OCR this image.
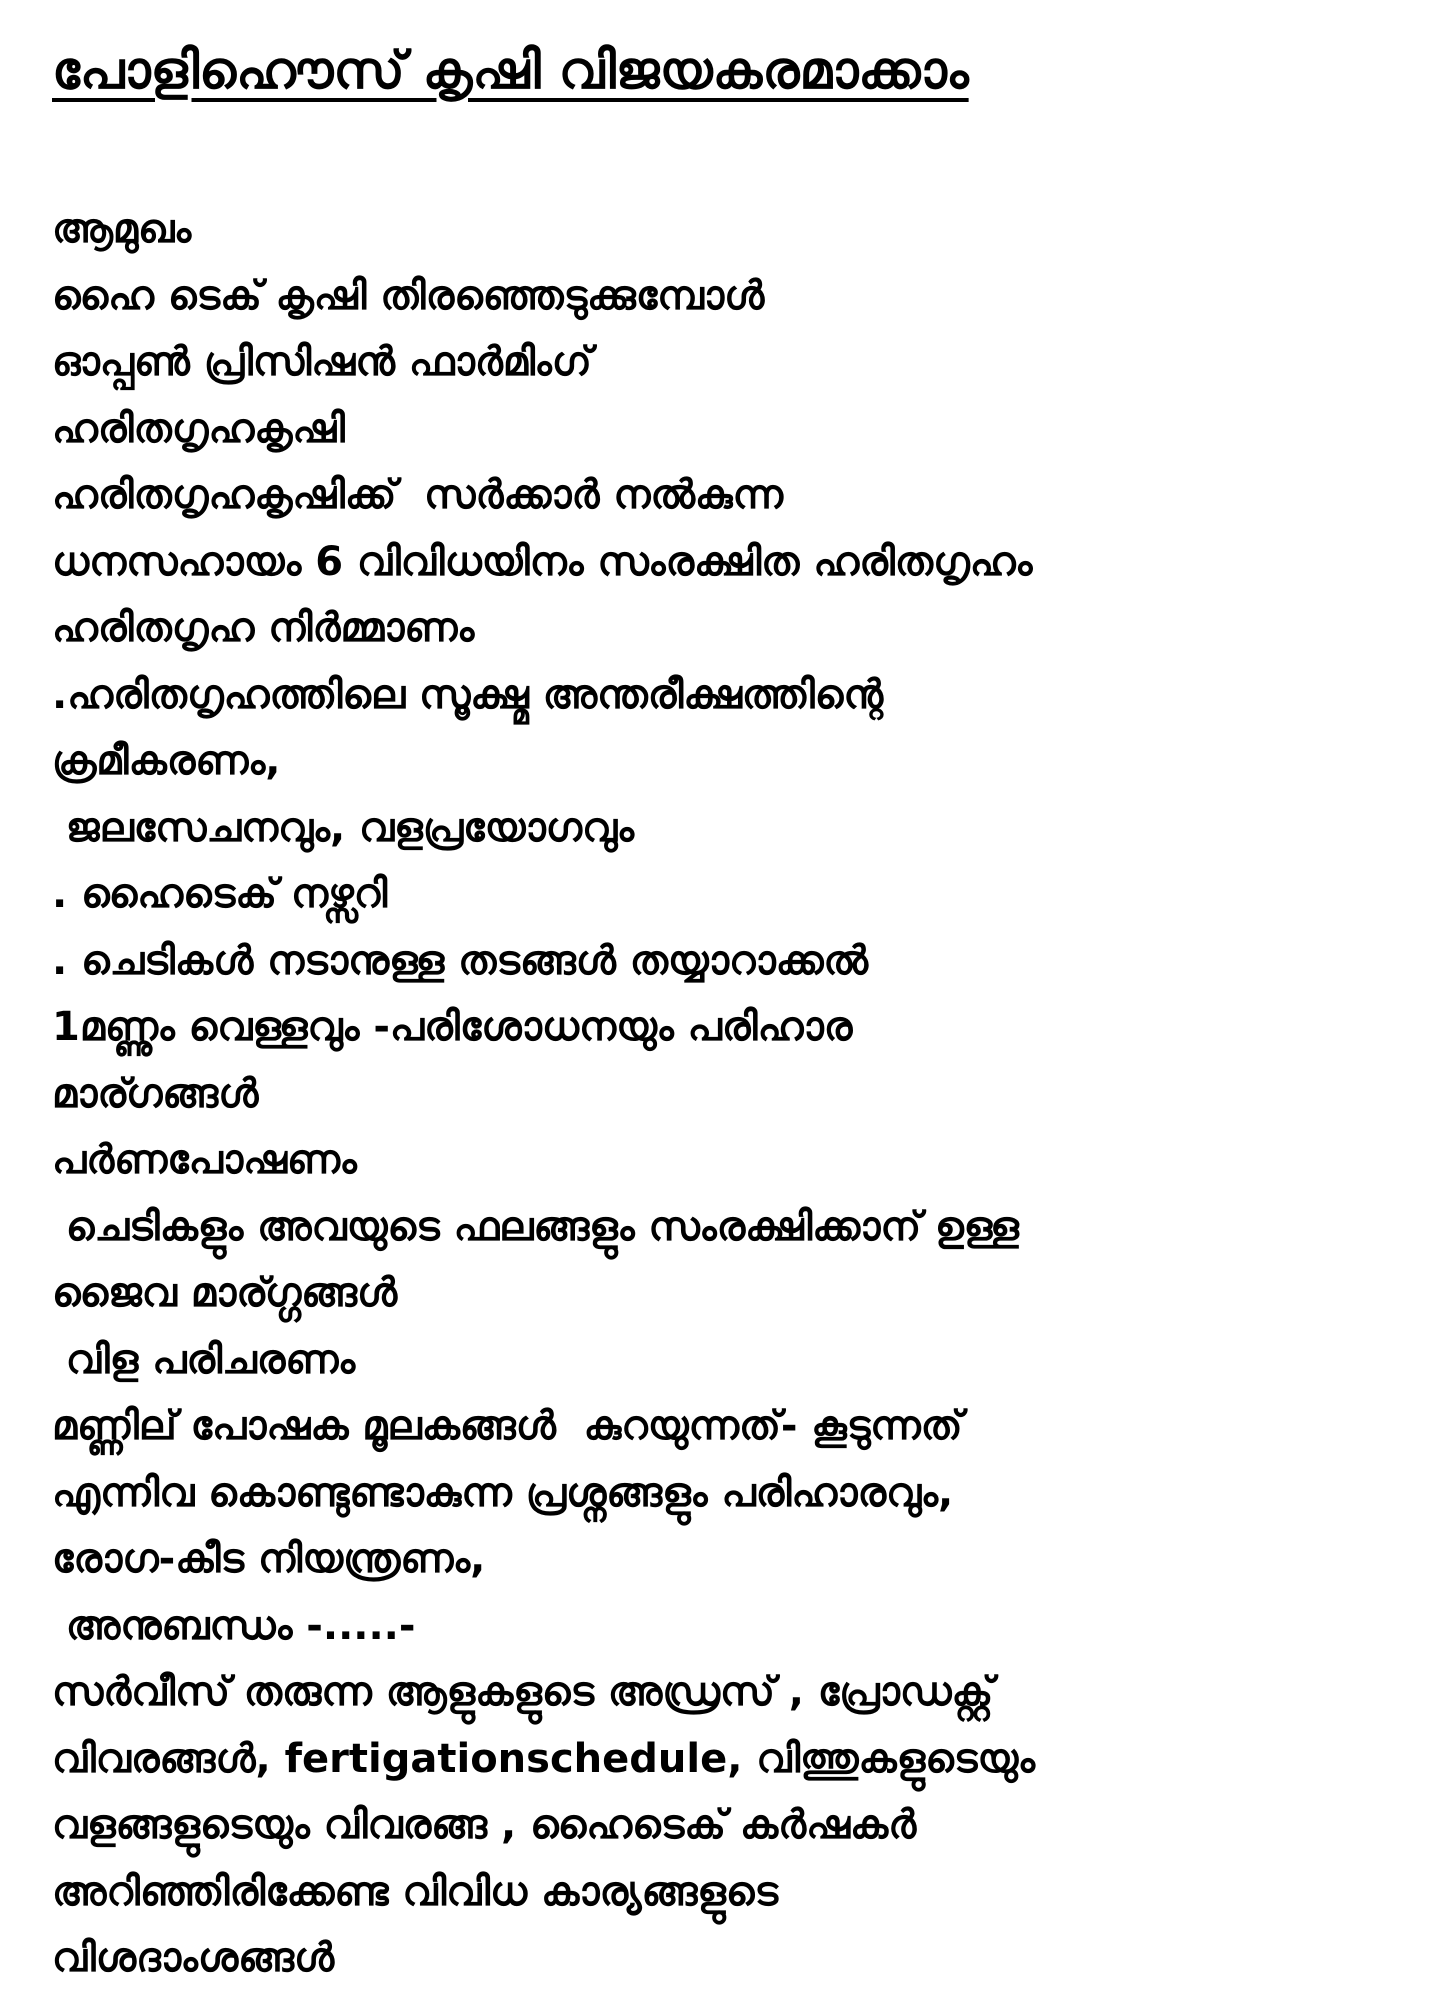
പോളിഹൌസ് കൃഷി വിജയകരമാക്കാം
ആമുഖം
ഹൈ ടെക് കൃഷി തിരഞ്ഞെടുക്കുമ്പോൾ
ഓപ്പൺ പ്രിസിഷൻ ഫാർമിംഗ്
ഹരിതഗൃഹകൃഷി
ഹരിതഗൃഹകൃഷിക്ക്  സർക്കാർ നൽകുന്ന
ധനസഹായം 6 വിവിധയിനം സംരക്ഷിത ഹരിതഗൃഹം
ഹരിതഗൃഹ നിർമ്മാണം
.ഹരിതഗൃഹത്തിലെ സൂക്ഷ്മ അന്തരീക്ഷത്തിന്റെ
ക്രമീകരണം,
ജലസേചനവും, വളപ്രയോഗവും
. ഹൈടെക് നഴ്സറി
. ചെടികൾ നടാനുള്ള തടങ്ങൾ തയ്യാറാക്കൽ
1മണ്ണും വെള്ളവും -പരിശോധനയും പരിഹാര
മാര്ഗങ്ങൾ
പർണപോഷണം
ചെടികളും അവയുടെ ഫലങ്ങളും സംരക്ഷിക്കാന് ഉള്ള
ജൈവ മാര്ഗ്ഗങ്ങൾ
വിള പരിചരണം
മണ്ണില് പോഷക മൂലകങ്ങൾ  കുറയുന്നത്- കൂടുന്നത്
എന്നിവ കൊണ്ടുണ്ടാകുന്ന പ്രശ്നങ്ങളും പരിഹാരവും,
രോഗ-കീട നിയന്ത്രണം,
അനുബന്ധം -.....-
സർവീസ് തരുന്ന ആളുകളുടെ അഡ്രസ് , പ്രോഡക്റ്റ്
വിവരങ്ങൾ, fertigationschedule, വിത്തുകളുടെയും
വളങ്ങളുടെയും വിവരങ്ങ , ഹൈടെക് കർഷകർ
അറിഞ്ഞിരിക്കേണ്ട വിവിധ കാര്യങ്ങളുടെ
വിശദാംശങ്ങൾ
